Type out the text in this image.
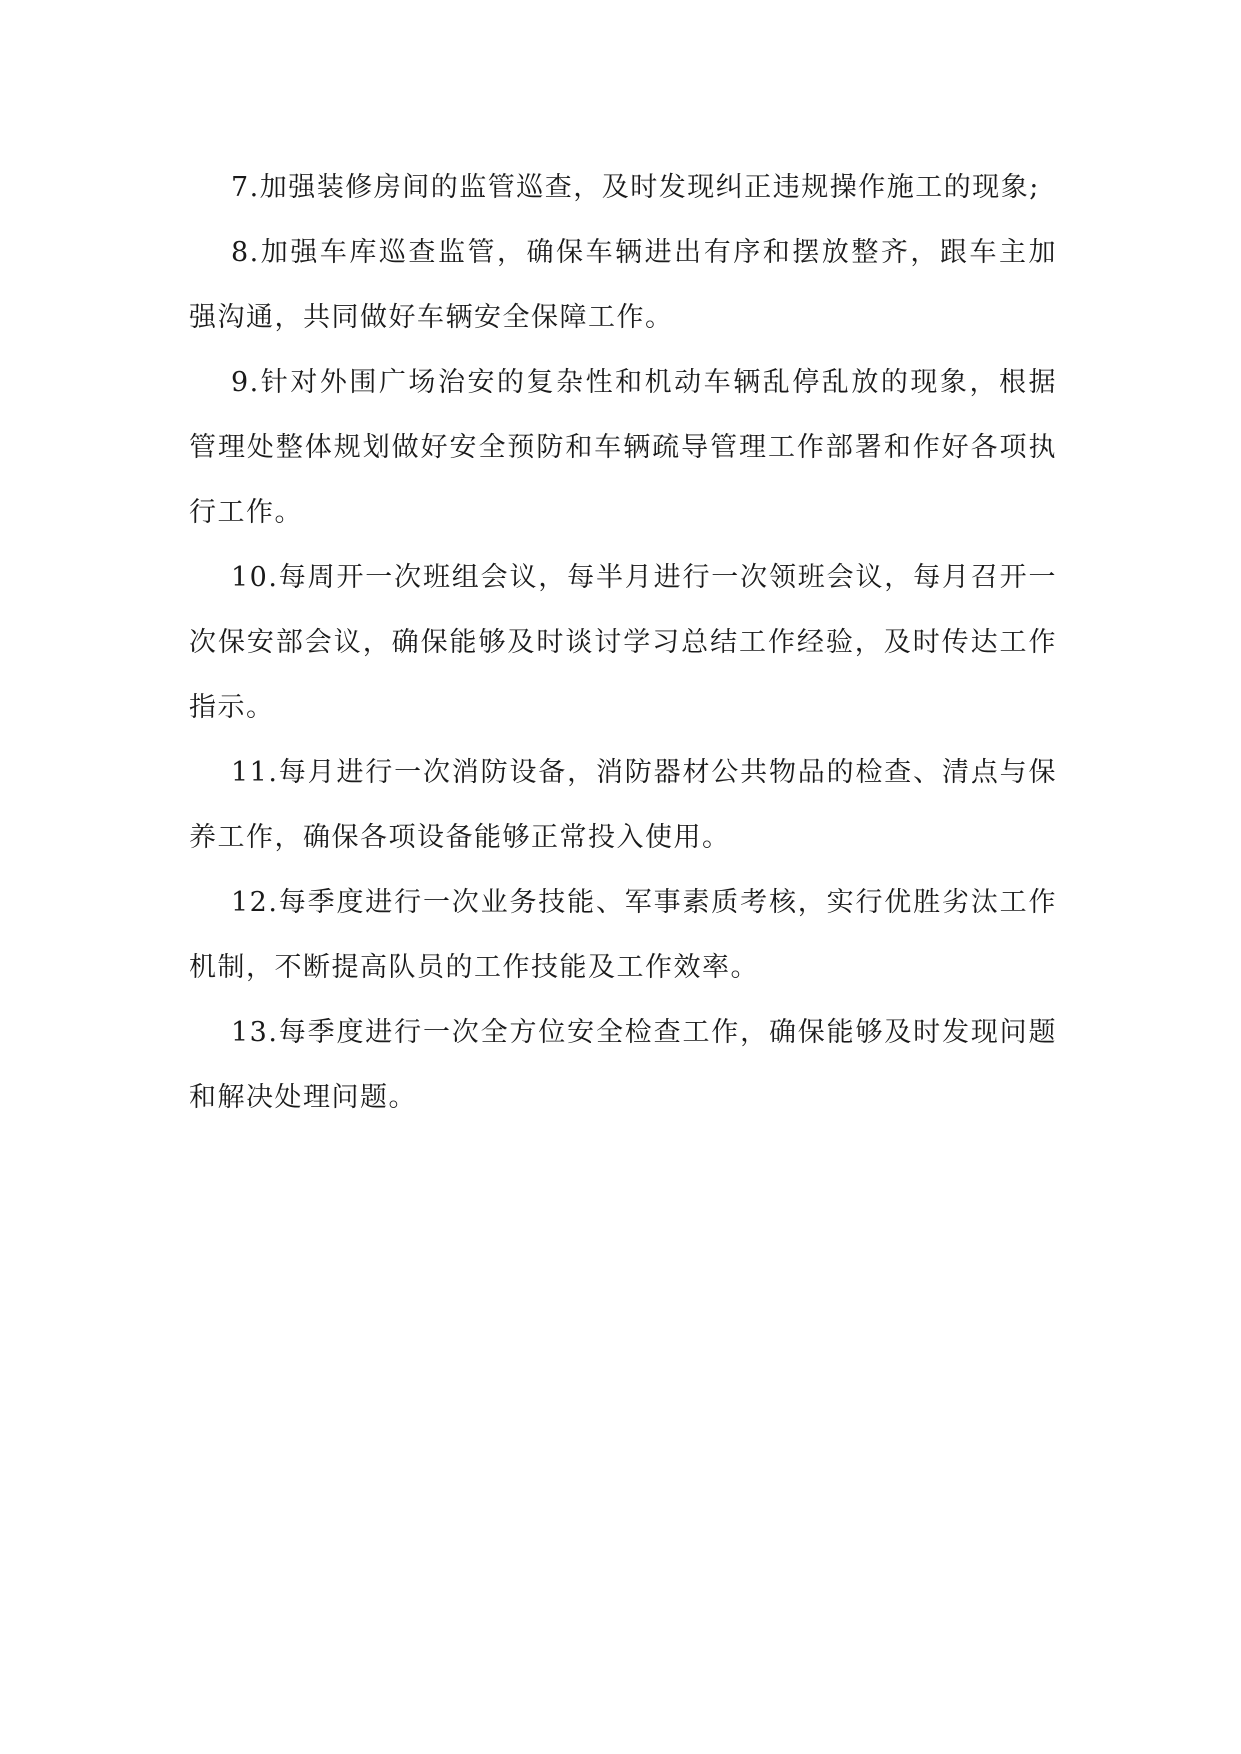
7.加强装修房间的监管巡查，及时发现纠正违规操作施工的现象;

8.加强车库巡查监管，确保车辆进出有序和摆放整齐，跟车主加强沟通，共同做好车辆安全保障工作。

9.针对外围广场治安的复杂性和机动车辆乱停乱放的现象，根据管理处整体规划做好安全预防和车辆疏导管理工作部署和作好各项执行工作。

10.每周开一次班组会议，每半月进行一次领班会议，每月召开一次保安部会议，确保能够及时谈讨学习总结工作经验，及时传达工作指示。

11.每月进行一次消防设备，消防器材公共物品的检查、清点与保养工作，确保各项设备能够正常投入使用。

12.每季度进行一次业务技能、军事素质考核，实行优胜劣汰工作机制，不断提高队员的工作技能及工作效率。

13.每季度进行一次全方位安全检查工作，确保能够及时发现问题和解决处理问题。
